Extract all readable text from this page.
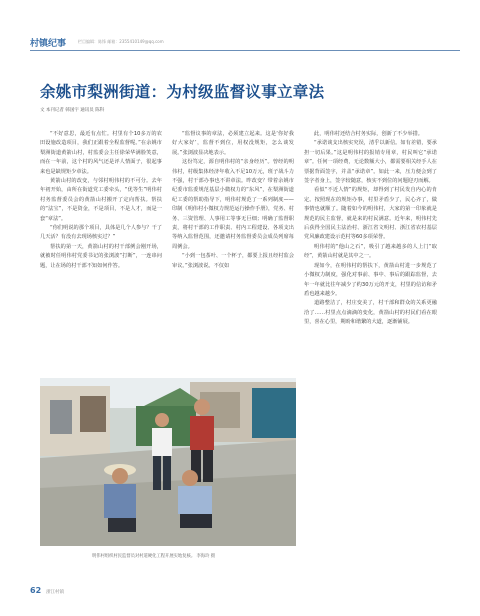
村镇纪事	栏目编辑：陈锋 邮箱：2355410149@qq.com
余姚市梨洲街道：为村级监督议事立章法
文 本刊记者 韩国宇 通讯员 陈科

“不好意思，最近有点忙。村里有个10多万的农田设施改造项目，我们正跟着全程监督呢。”在余姚市梨洲街道黄箭山村，村监委会主任徐荣华满脸笑意，而在一年前，这个村的风气还是评人情面子，很起事来也是缺规矩少章法。

黄箭山村的改变，与邻村明伟村的不可分。去年年初开始，由所在街道党工委牵头，“优等生”明伟村村务监督委员会的黄箭山村搬开了定向帮扶。帮扶的“法宝”，不是资金，不是项目，不是人才，而是一套“章法”。

“你们明说的那个项目，具体是几个人参与？干了几天活？有没有去现场核实过？”

帮扶的第一天，黄箭山村的村干部例会刚开场，就被时任明伟村党委书记的张浏波“打断”，一连串问题，让在场的村干部不知如何作答。

“监督议事的章法，必须建立起来。这是‘你好我好大家好’，监督不到位，用权没规矩，怎么谈发展。”张浏波显决地表示。

这份笃定，源自明伟村的“亲身经历”。曾经的明伟村，村级集体经济年收入不足10万元，班子战斗力不强，村干部办事也不讲章法。昨改变？带着余姚市纪委市监委规范基层小微权力的“东风”，在梨洲街道纪工委的帮助指导下，明伟村规范了一系列制度——印制《明伟村小微权力规范运行操作手册》，党务、村务、三资管理、人事用工等事无巨细；明确了监督职责，将村干部的工作职责、村内工程建设、各项支出等纳入监督范围，还邀请村务监督委员会成员列席每周例会。

“小到一包茶叶、一个杯子，都要上报且经村监会审议。”张浏波说。不仅如

此，明伟村还结合村务实际，创新了不少举措。

“承诺谈支出核实究误，清乎以新信。如有差错，要承担一切后果。”这是明伟村的报销专用章，村民叫它“承诺章”。任何一项经费，无论数额大小，都需要相关经手人在票据背面签字，并盖“承诺章”。如此一来，压力便会到了签字者身上，签字较随意，核实不到位的问题迎刃而解。

看似“不近人情”的规矩，却得到了村民发自内心的肯定。按照现在的规矩办事，村里矛盾少了，民心齐了，做事情也就顺了。随着如今的明伟村，大家的第一印象就是规范的民主监督，就是来的村民满意。近年来，明伟村先后获得全国民主法治村、浙江省文明村、浙江省农村基层党风廉政建设示范村等60多项荣誉。

明伟村的“他山之石”，吸引了越来越多的人上门“取经”，黄箭山村就是其中之一。

现如今，在明伟村的帮扶下，黄箭山村进一步规范了小微权力制度，强化对事前、事中、事后的跟踪监督，去年一年就比往年减少了约30万元的开支，村里的信访和矛盾也越来越少。

道路整洁了，村庄变美了，村干部和群众的关系更融洽了……村里点点滴滴的变化，黄箭山村的村民们看在眼里，喜在心里，期盼和谐繁的大道，逐渐铺展。

明伟村组织村民监督员对村道硬化工程开展实地复核。 李海玲 摄
62 浙江村镇
